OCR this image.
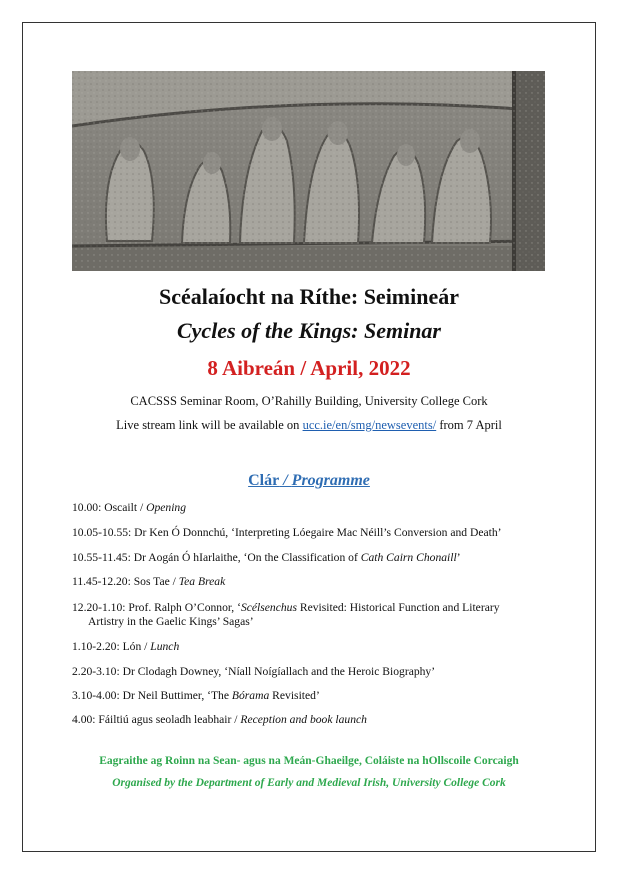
Scéalaíocht na Ríthe: Seimineár
Cycles of the Kings: Seminar
8 Aibreán / April, 2022
CACSSS Seminar Room, O’Rahilly Building, University College Cork
Live stream link will be available on ucc.ie/en/smg/newsevents/ from 7 April
Clár / Programme
10.00: Oscailt / Opening
10.05-10.55: Dr Ken Ó Donnchú, ‘Interpreting Lóegaire Mac Néill’s Conversion and Death’
10.55-11.45: Dr Aogán Ó hIarlaithe, ‘On the Classification of Cath Cairn Chonaill’
11.45-12.20: Sos Tae / Tea Break
12.20-1.10: Prof. Ralph O’Connor, ‘Scélsenchus Revisited: Historical Function and Literary
Artistry in the Gaelic Kings’ Sagas’
1.10-2.20: Lón / Lunch
2.20-3.10: Dr Clodagh Downey, ‘Níall Noígíallach and the Heroic Biography’
3.10-4.00: Dr Neil Buttimer, ‘The Bórama Revisited’
4.00: Fáiltiú agus seoladh leabhair / Reception and book launch
Eagraithe ag Roinn na Sean- agus na Meán-Ghaeilge, Coláiste na hOllscoile Corcaigh
Organised by the Department of Early and Medieval Irish, University College Cork
